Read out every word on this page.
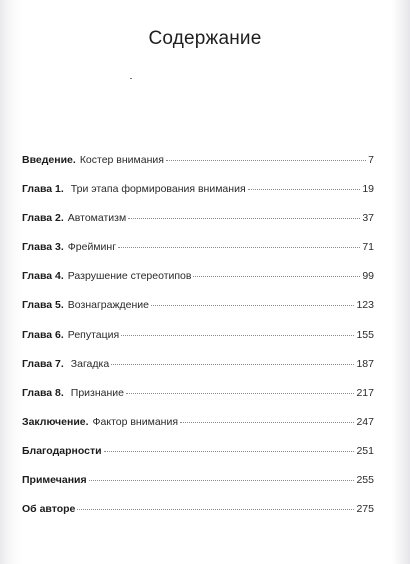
Содержание
Введение. Костер внимания	7
Глава 1. Три этапа формирования внимания	19
Глава 2. Автоматизм	37
Глава 3. Фрейминг	71
Глава 4. Разрушение стереотипов	99
Глава 5. Вознаграждение	123
Глава 6. Репутация	155
Глава 7. Загадка	187
Глава 8. Признание	217
Заключение. Фактор внимания	247
Благодарности	251
Примечания	255
Об авторе	275
